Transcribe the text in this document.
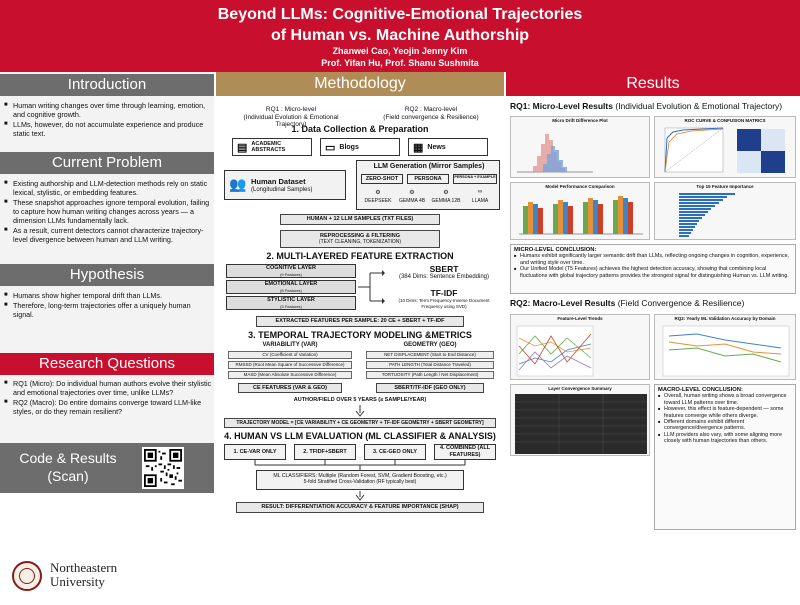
Beyond LLMs: Cognitive-Emotional Trajectories
of Human vs. Machine Authorship
Zhanwei Cao, Yeojin Jenny Kim
Prof. Yifan Hu, Prof. Shanu Sushmita
Introduction
■ Human writing changes over time through learning, emotion, and cognitive growth.
■ LLMs, however, do not accumulate experience and produce static text.
Current Problem
■ Existing authorship and LLM-detection methods rely on static lexical, stylistic, or embedding features.
■ These snapshot approaches ignore temporal evolution, failing to capture how human writing changes across years — a dimension LLMs fundamentally lack.
■ As a result, current detectors cannot characterize trajectory-level divergence between human and LLM writing.
Hypothesis
■ Humans show higher temporal drift than LLMs.
■ Therefore, long-term trajectories offer a uniquely human signal.
Research Questions
■ RQ1 (Micro): Do individual human authors evolve their stylistic and emotional trajectories over time, unlike LLMs?
■ RQ2 (Macro): Do entire domains converge toward LLM-like styles, or do they remain resilient?
Code & Results (Scan)
Northeastern
University
Methodology
RQ1 : Micro-level
(Individual Evolution & Emotional Trajectory)
RQ2 : Macro-level
(Field convergence & Resilience)
1. Data Collection & Preparation
▤ ACADEMIC ABSTRACTS	▭ Blogs	▦ News
👥 Human Dataset
(Longitudinal Samples)
LLM Generation (Mirror Samples)
ZERO-SHOT	PERSONA	PERSONA + EXAMPLE
⚙	⚙	⚙	∞
DEEPSEEK	GEMMA 4B	GEMMA 12B	LLAMA
HUMAN + 12 LLM SAMPLES (TXT FILES)
REPROCESSING & FILTERING
(TEXT CLEANING, TOKENIZATION)
2. MULTI-LAYERED FEATURE EXTRACTION
COGNITIVE LAYER
(9 Features)
EMOTIONAL LAYER
(8 Features)
STYLISTIC LAYER
(3 Features)
SBERT
(384 Dims: Sentence Embedding)
TF-IDF
(10 Dims: Term Frequency-Inverse Document Frequency using SVD)
EXTRACTED FEATURES PER SAMPLE: 20 CE + SBERT + TF-IDF
3. TEMPORAL TRAJECTORY MODELING &METRICS
VARIABILITY (VAR)	GEOMETRY (GEO)
CV (Coefficient of Variation)
RMSSD (Root Mean Square of Successive Difference)
MASD (Mean Absolute Successive Difference)
NET DISPLACEMENT (Start to End Distance)
PATH LENGTH (Total Distance Traveled)
TORTUOSITY (Path Length / Net Displacement)
CE FEATURES (VAR & GEO)	SBERT/TF-IDF (GEO ONLY)
AUTHOR/FIELD OVER 5 YEARS (≥ SAMPLE/YEAR)
TRAJECTORY MODEL = [CE VARIABILITY + CE GEOMETRY + TF-IDF GEOMETRY + SBERT GEOMETRY]
4. HUMAN VS LLM EVALUATION (ML CLASSIFIER & ANALYSIS)
1. CE-VAR ONLY	2. TFIDF+SBERT	3. CE-GEO ONLY
4. COMBINED (ALL FEATURES)
ML CLASSIFIERS: Multiple (Random Forest, SVM, Gradient Boosting, etc.)
5-fold Stratified Cross-Validation (RF typically best)
RESULT: DIFFERENTIATION ACCURACY & FEATURE IMPORTANCE (SHAP)
Results
RQ1: Micro-Level Results (Individual Evolution & Emotional Trajectory)
Micro Drift Difference Plot	ROC CURVE & CONFUSION MATRICS
Model Performance Comparison	Top 15 Feature Importance
MICRO-LEVEL CONCLUSION:
■ Humans exhibit significantly larger semantic drift than LLMs, reflecting ongoing changes in cognition, experience, and writing style over time.
■ Our Unified Model (T5 Features) achieves the highest detection accuracy, showing that combining local fluctuations with global trajectory patterns provides the strongest signal for distinguishing Human vs. LLM writing.
RQ2: Macro-Level Results (Field Convergence & Resilience)
Feature-Level Trends	RQ2: Yearly ML Validation Accuracy by Domain
Layer Convergence Summary	MACRO-LEVEL CONCLUSION:
■ Overall, human writing shows a broad convergence toward LLM patterns over time.
■ However, this effect is feature-dependent — some features converge while others diverge.
■ Different domains exhibit different convergence/divergence patterns.
■ LLM providers also vary, with some aligning more closely with human trajectories than others.
